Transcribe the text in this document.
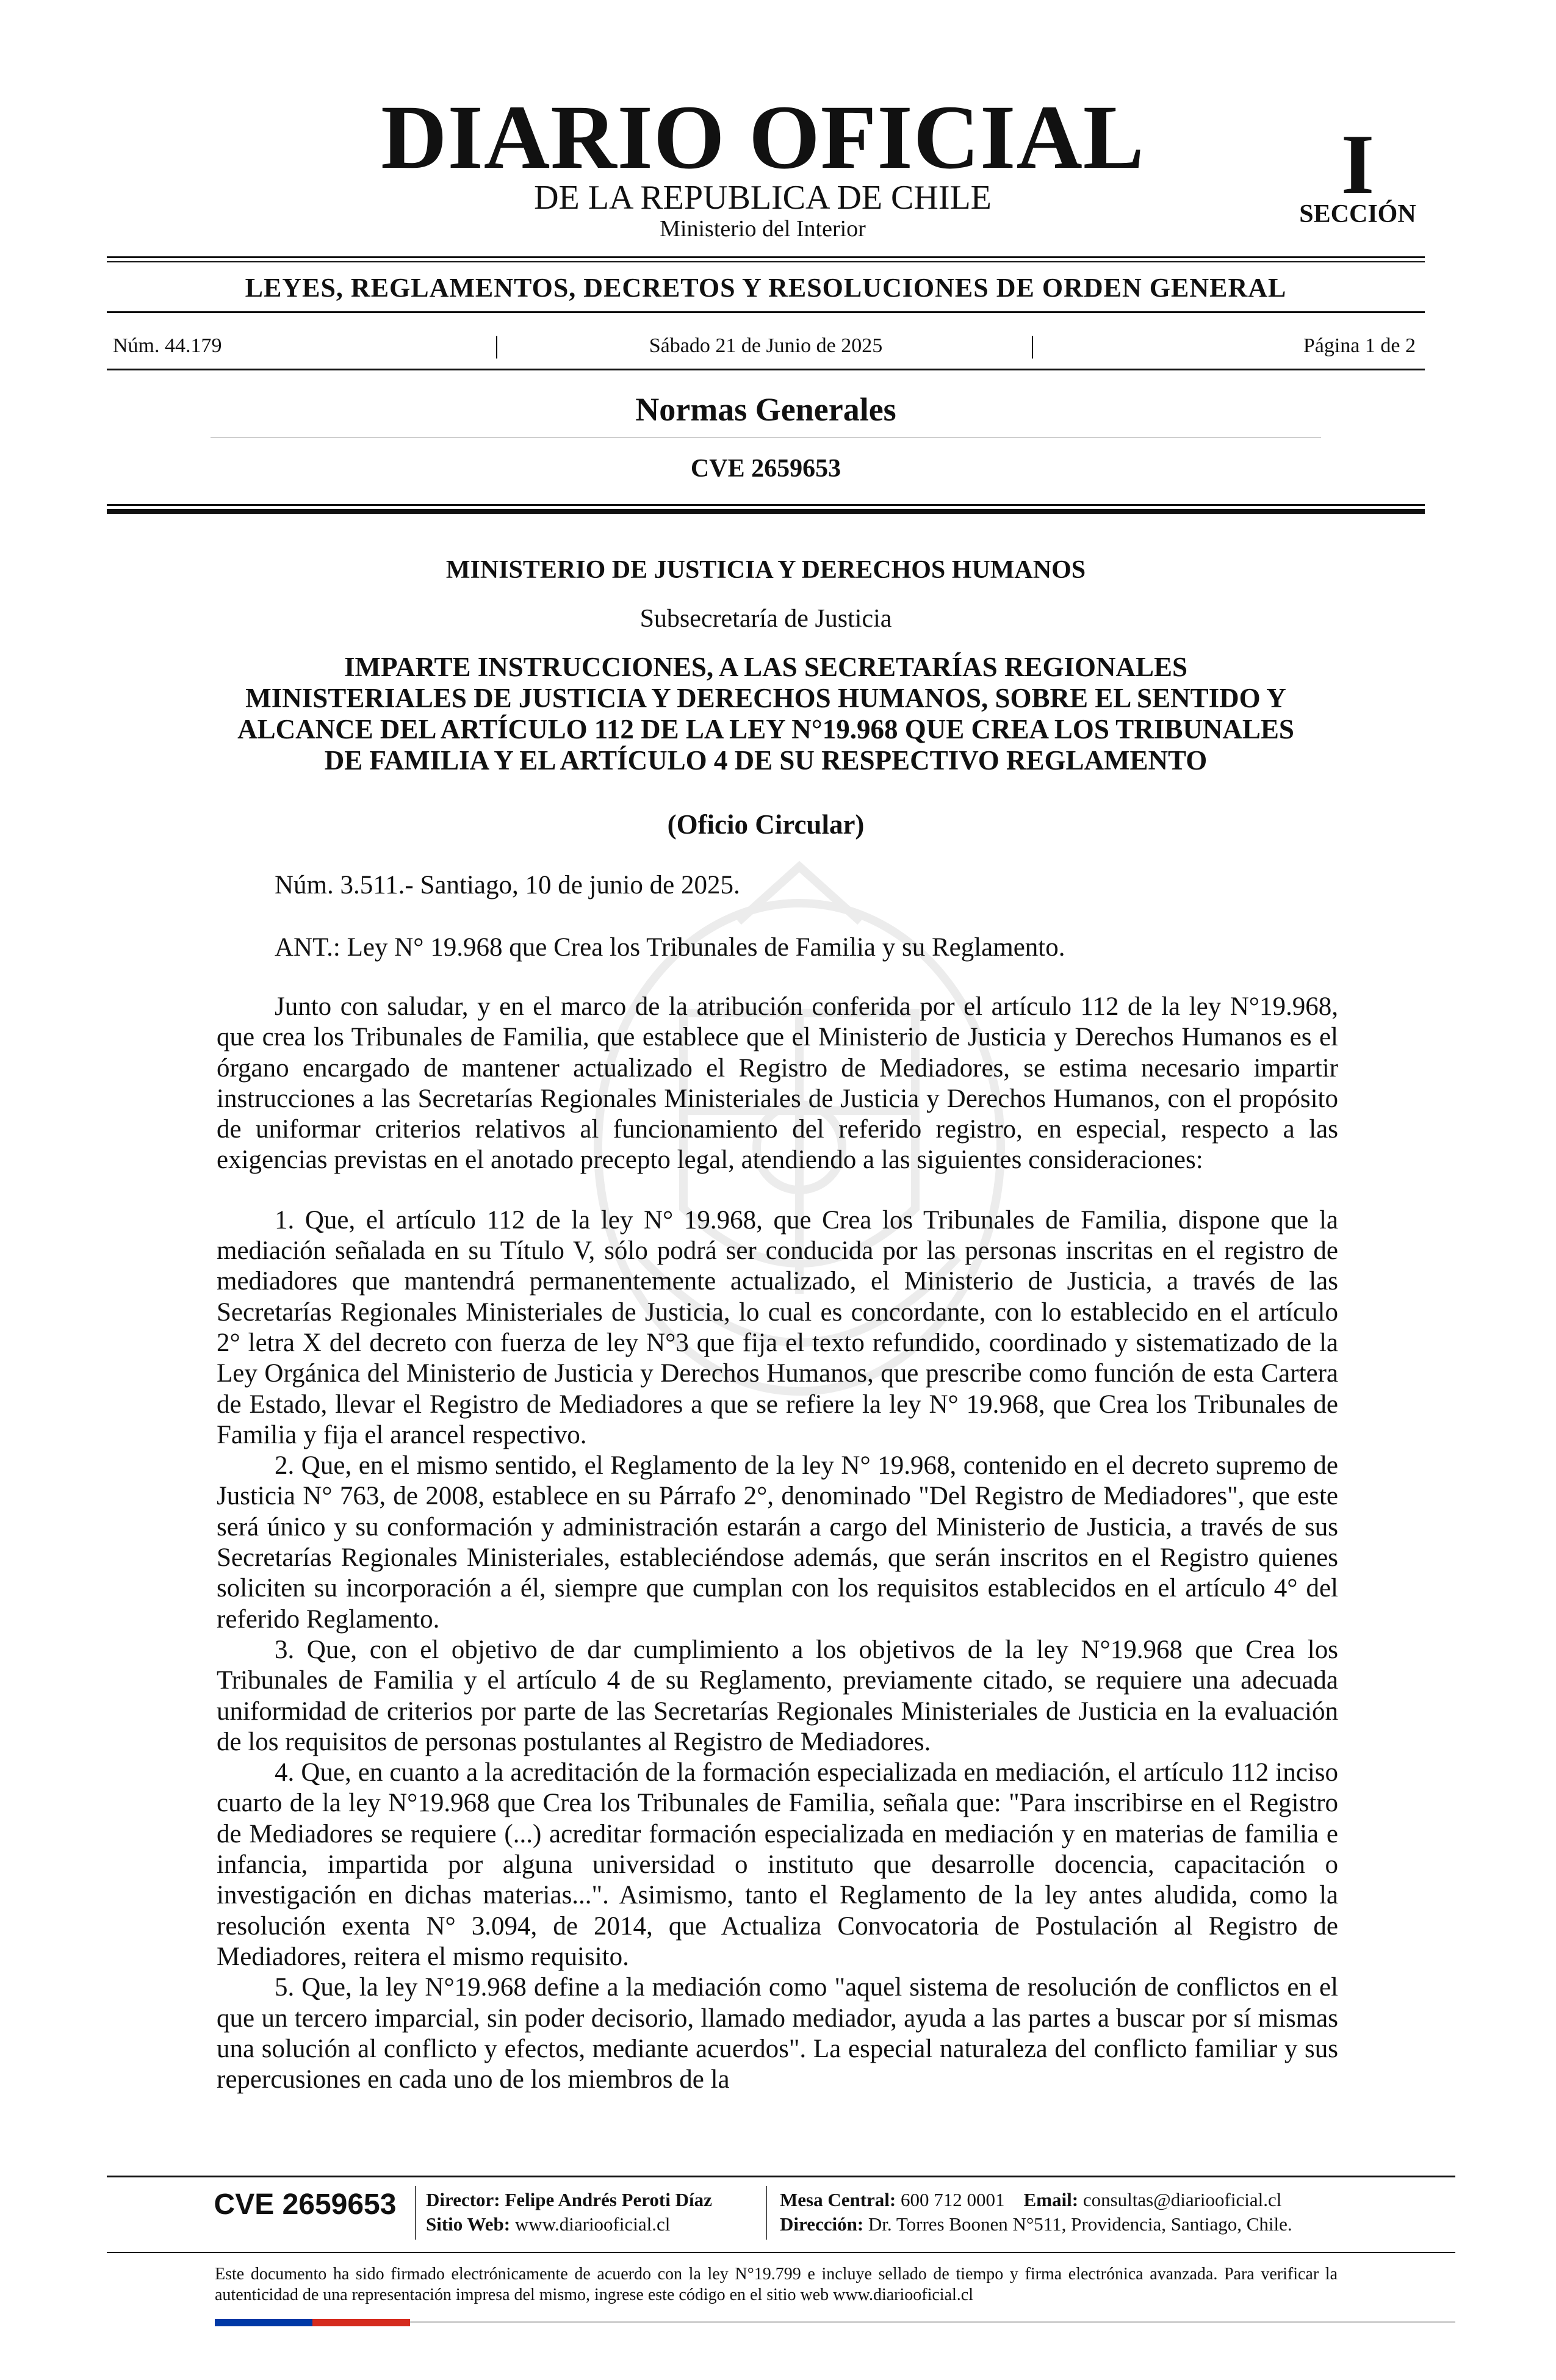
DIARIO OFICIAL
DE LA REPUBLICA DE CHILE
Ministerio del Interior
I
SECCIÓN
LEYES, REGLAMENTOS, DECRETOS Y RESOLUCIONES DE ORDEN GENERAL
Núm. 44.179	|	Sábado 21 de Junio de 2025	|	Página 1 de 2
Normas Generales
CVE 2659653
MINISTERIO DE JUSTICIA Y DERECHOS HUMANOS
Subsecretaría de Justicia
IMPARTE INSTRUCCIONES, A LAS SECRETARÍAS REGIONALES
MINISTERIALES DE JUSTICIA Y DERECHOS HUMANOS, SOBRE EL SENTIDO Y
ALCANCE DEL ARTÍCULO 112 DE LA LEY N°19.968 QUE CREA LOS TRIBUNALES
DE FAMILIA Y EL ARTÍCULO 4 DE SU RESPECTIVO REGLAMENTO
(Oficio Circular)
Núm. 3.511.- Santiago, 10 de junio de 2025.
ANT.: Ley N° 19.968 que Crea los Tribunales de Familia y su Reglamento.

Junto con saludar, y en el marco de la atribución conferida por el artículo 112 de la ley N°19.968, que crea los Tribunales de Familia, que establece que el Ministerio de Justicia y Derechos Humanos es el órgano encargado de mantener actualizado el Registro de Mediadores, se estima necesario impartir instrucciones a las Secretarías Regionales Ministeriales de Justicia y Derechos Humanos, con el propósito de uniformar criterios relativos al funcionamiento del referido registro, en especial, respecto a las exigencias previstas en el anotado precepto legal, atendiendo a las siguientes consideraciones:

1. Que, el artículo 112 de la ley N° 19.968, que Crea los Tribunales de Familia, dispone que la mediación señalada en su Título V, sólo podrá ser conducida por las personas inscritas en el registro de mediadores que mantendrá permanentemente actualizado, el Ministerio de Justicia, a través de las Secretarías Regionales Ministeriales de Justicia, lo cual es concordante, con lo establecido en el artículo 2° letra X del decreto con fuerza de ley N°3 que fija el texto refundido, coordinado y sistematizado de la Ley Orgánica del Ministerio de Justicia y Derechos Humanos, que prescribe como función de esta Cartera de Estado, llevar el Registro de Mediadores a que se refiere la ley N° 19.968, que Crea los Tribunales de Familia y fija el arancel respectivo.

2. Que, en el mismo sentido, el Reglamento de la ley N° 19.968, contenido en el decreto supremo de Justicia N° 763, de 2008, establece en su Párrafo 2°, denominado "Del Registro de Mediadores", que este será único y su conformación y administración estarán a cargo del Ministerio de Justicia, a través de sus Secretarías Regionales Ministeriales, estableciéndose además, que serán inscritos en el Registro quienes soliciten su incorporación a él, siempre que cumplan con los requisitos establecidos en el artículo 4° del referido Reglamento.

3. Que, con el objetivo de dar cumplimiento a los objetivos de la ley N°19.968 que Crea los Tribunales de Familia y el artículo 4 de su Reglamento, previamente citado, se requiere una adecuada uniformidad de criterios por parte de las Secretarías Regionales Ministeriales de Justicia en la evaluación de los requisitos de personas postulantes al Registro de Mediadores.

4. Que, en cuanto a la acreditación de la formación especializada en mediación, el artículo 112 inciso cuarto de la ley N°19.968 que Crea los Tribunales de Familia, señala que: "Para inscribirse en el Registro de Mediadores se requiere (...) acreditar formación especializada en mediación y en materias de familia e infancia, impartida por alguna universidad o instituto que desarrolle docencia, capacitación o investigación en dichas materias...". Asimismo, tanto el Reglamento de la ley antes aludida, como la resolución exenta N° 3.094, de 2014, que Actualiza Convocatoria de Postulación al Registro de Mediadores, reitera el mismo requisito.

5. Que, la ley N°19.968 define a la mediación como "aquel sistema de resolución de conflictos en el que un tercero imparcial, sin poder decisorio, llamado mediador, ayuda a las partes a buscar por sí mismas una solución al conflicto y efectos, mediante acuerdos". La especial naturaleza del conflicto familiar y sus repercusiones en cada uno de los miembros de la

CVE 2659653	Director: Felipe Andrés Peroti Díaz
Sitio Web: www.diariooficial.cl
Mesa Central: 600 712 0001 Email: consultas@diariooficial.cl
Dirección: Dr. Torres Boonen N°511, Providencia, Santiago, Chile.
Este documento ha sido firmado electrónicamente de acuerdo con la ley N°19.799 e incluye sellado de tiempo y firma electrónica avanzada. Para verificar la autenticidad de una representación impresa del mismo, ingrese este código en el sitio web www.diariooficial.cl
